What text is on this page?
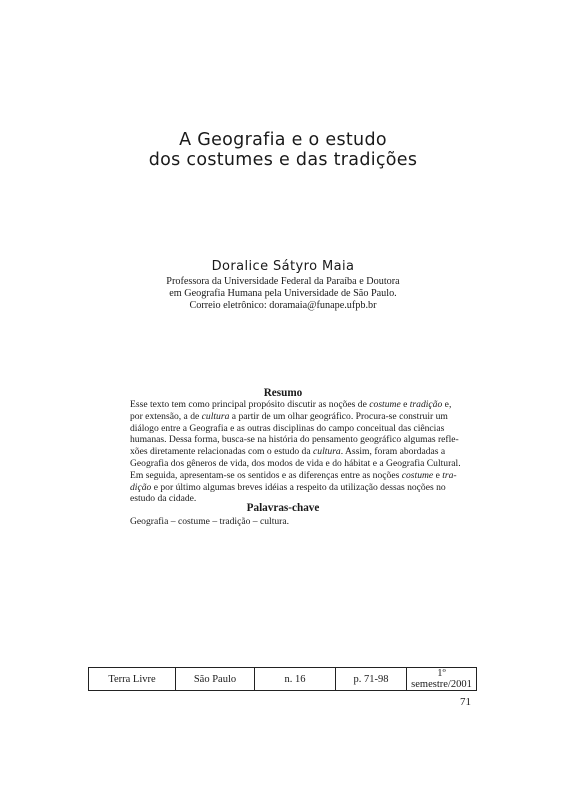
A Geografia e o estudo
dos costumes e das tradições
Doralice Sátyro Maia
Professora da Universidade Federal da Paraíba e Doutora
em Geografia Humana pela Universidade de São Paulo.
Correio eletrônico: doramaia@funape.ufpb.br
Resumo
Esse texto tem como principal propósito discutir as noções de costume e tradição e,
por extensão, a de cultura a partir de um olhar geográfico. Procura-se construir um
diálogo entre a Geografia e as outras disciplinas do campo conceitual das ciências
humanas. Dessa forma, busca-se na história do pensamento geográfico algumas refle-
xões diretamente relacionadas com o estudo da cultura. Assim, foram abordadas a
Geografia dos gêneros de vida, dos modos de vida e do hábitat e a Geografia Cultural.
Em seguida, apresentam-se os sentidos e as diferenças entre as noções costume e tra-
dição e por último algumas breves idéias a respeito da utilização dessas noções no
estudo da cidade.
Palavras-chave
Geografia – costume – tradição – cultura.
Terra Livre	São Paulo	n. 16	p. 71-98	1º semestre/2001
71
